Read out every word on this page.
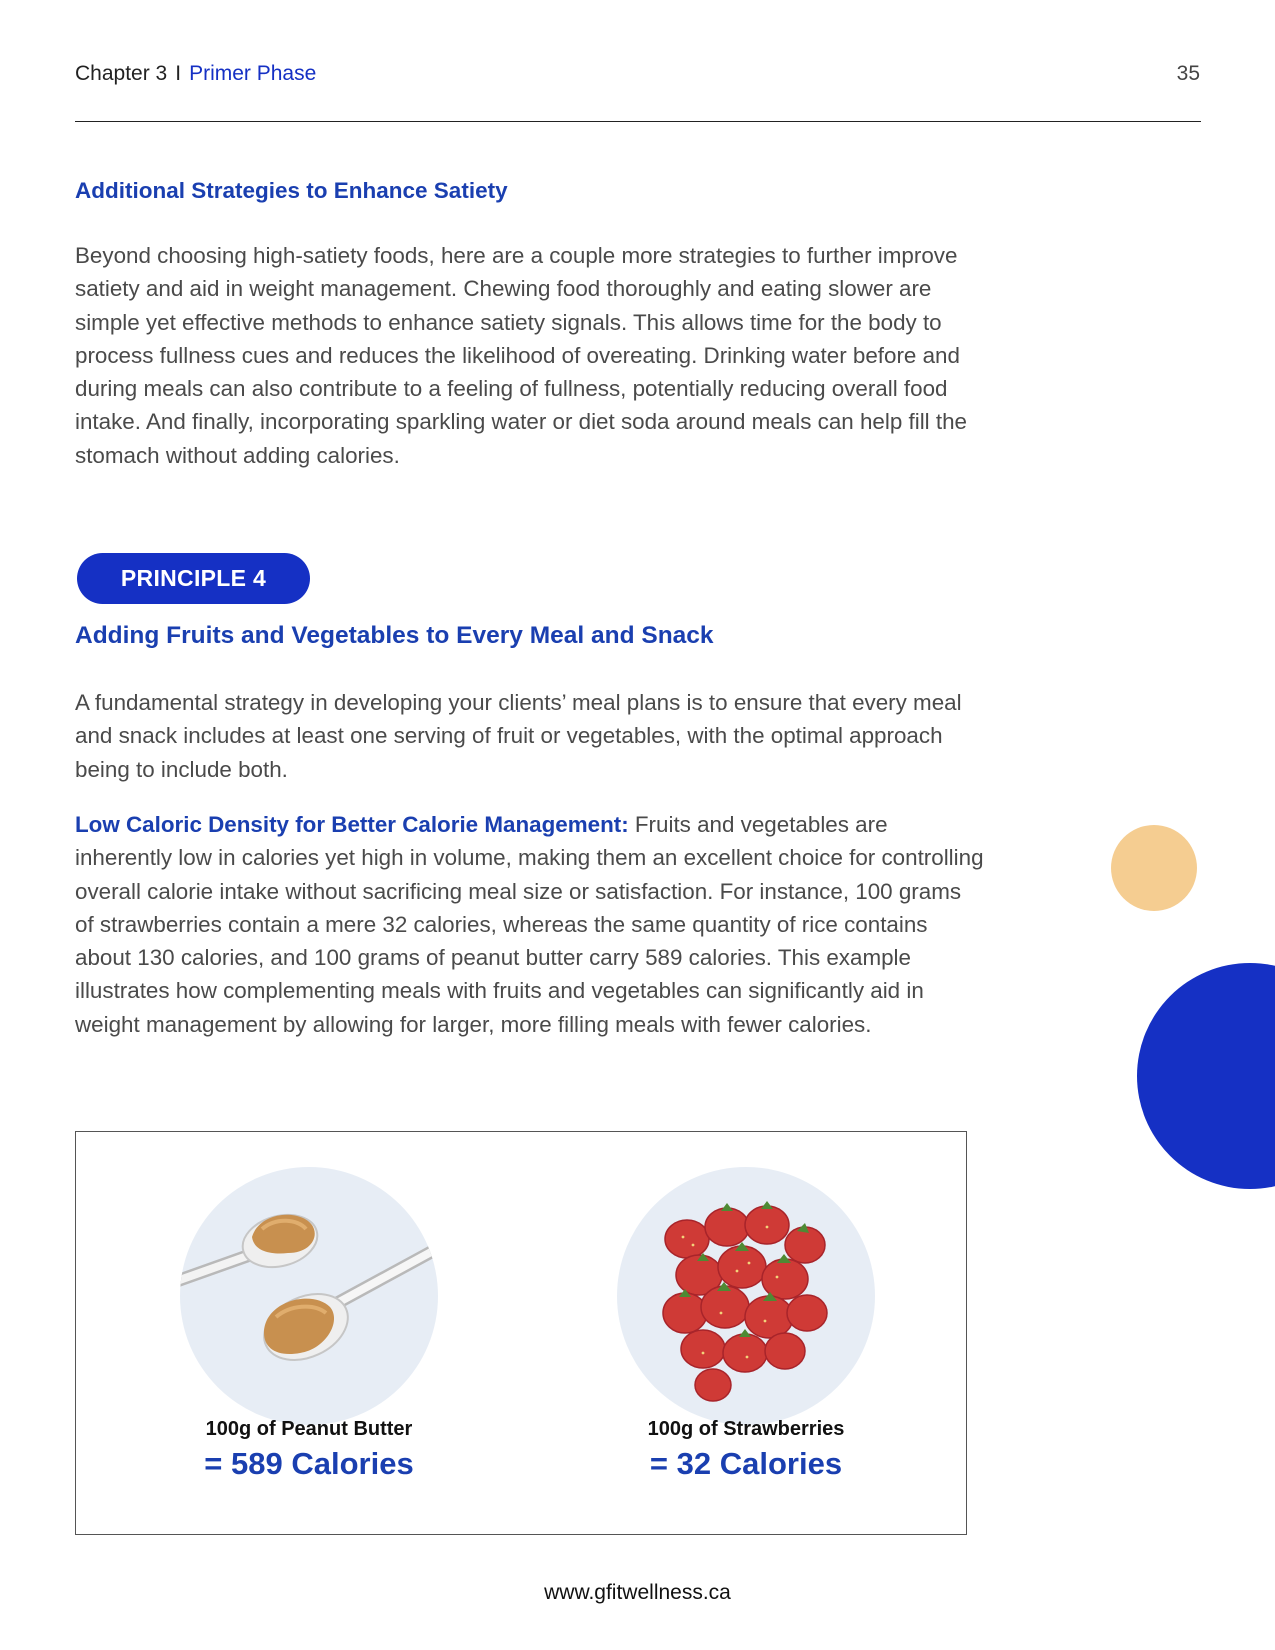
Chapter 3 I Primer Phase	35
Additional Strategies to Enhance Satiety

Beyond choosing high-satiety foods, here are a couple more strategies to further improve satiety and aid in weight management. Chewing food thoroughly and eating slower are simple yet effective methods to enhance satiety signals. This allows time for the body to process fullness cues and reduces the likelihood of overeating. Drinking water before and during meals can also contribute to a feeling of fullness, potentially reducing overall food intake. And finally, incorporating sparkling water or diet soda around meals can help fill the stomach without adding calories.

PRINCIPLE 4
Adding Fruits and Vegetables to Every Meal and Snack

A fundamental strategy in developing your clients’ meal plans is to ensure that every meal and snack includes at least one serving of fruit or vegetables, with the optimal approach being to include both.

Low Caloric Density for Better Calorie Management: Fruits and vegetables are inherently low in calories yet high in volume, making them an excellent choice for controlling overall calorie intake without sacrificing meal size or satisfaction. For instance, 100 grams of strawberries contain a mere 32 calories, whereas the same quantity of rice contains about 130 calories, and 100 grams of peanut butter carry 589 calories. This example illustrates how complementing meals with fruits and vegetables can significantly aid in weight management by allowing for larger, more filling meals with fewer calories.

100g of Peanut Butter
= 589 Calories
100g of Strawberries
= 32 Calories
www.gfitwellness.ca
